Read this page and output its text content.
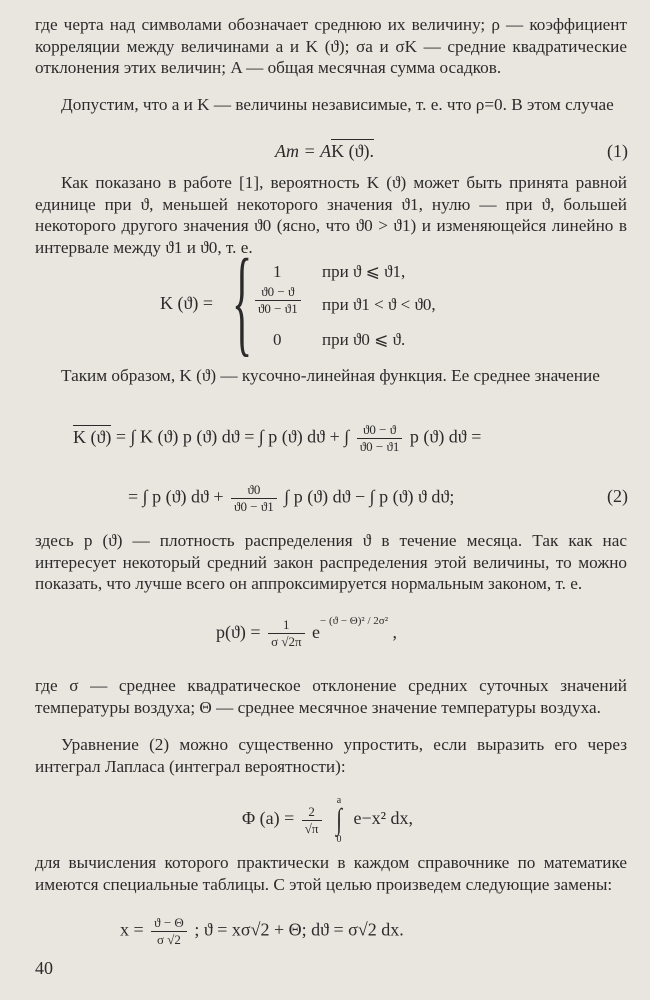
где черта над символами обозначает среднюю их величину; ρ — коэффициент корреляции между величинами a и K (ϑ); σa и σK — средние квадратические отклонения этих величин; A — общая месячная сумма осадков.
Допустим, что a и K — величины независимые, т. е. что ρ=0. В этом случае
Aт = AK (ϑ).	(1)
Как показано в работе [1], вероятность K (ϑ) может быть принята равной единице при ϑ, меньшей некоторого значения ϑ1, нулю — при ϑ, большей некоторого другого значения ϑ0 (ясно, что ϑ0 > ϑ1) и изменяющейся линейно в интервале между ϑ1 и ϑ0, т. е.
K (ϑ) = { 1 при ϑ ⩽ ϑ1,
$\frac{ϑ0 - ϑ}{ϑ0 - ϑ1}$ при ϑ1 < ϑ < ϑ0,
0 при ϑ0 ⩽ ϑ.
Таким образом, K (ϑ) — кусочно-линейная функция. Ее среднее значение
K (ϑ) = ∫ K (ϑ) p (ϑ) dϑ = ∫ p (ϑ) dϑ + ∫ $\frac{ϑ0 - ϑ}{ϑ0 - ϑ1}$ p (ϑ) dϑ =
= ∫ p (ϑ) $dϑ + \frac{ϑ0}{ϑ0 - ϑ1}$ ∫ p (ϑ) dϑ − ∫ p (ϑ) ϑ dϑ;	(2)
здесь p (ϑ) — плотность распределения ϑ в течение месяца. Так как нас интересует некоторый средний закон распределения этой величины, то можно показать, что лучше всего он аппроксимируется нормальным законом, т. е.
$p(ϑ) = \frac{1}{\sigma √2\pi} e^{- (ϑ - \Theta)^2 / 2\sigma^2}$ ,
где σ — среднее квадратическое отклонение средних суточных значений температуры воздуха; Θ — среднее месячное значение температуры воздуха.
Уравнение (2) можно существенно упростить, если выразить его через интеграл Лапласа (интеграл вероятности):
Φ $(a) = \frac{2}{√\pi}$

a
∫
0
e−x² dx,
для вычисления которого практически в каждом справочнике по математике имеются специальные таблицы. С этой целью произведем следующие замены:
$x = \frac{ϑ - \Theta}{\sigma √2}$ ; ϑ = xσ√2 + Θ; dϑ = σ√2 dx.
40
